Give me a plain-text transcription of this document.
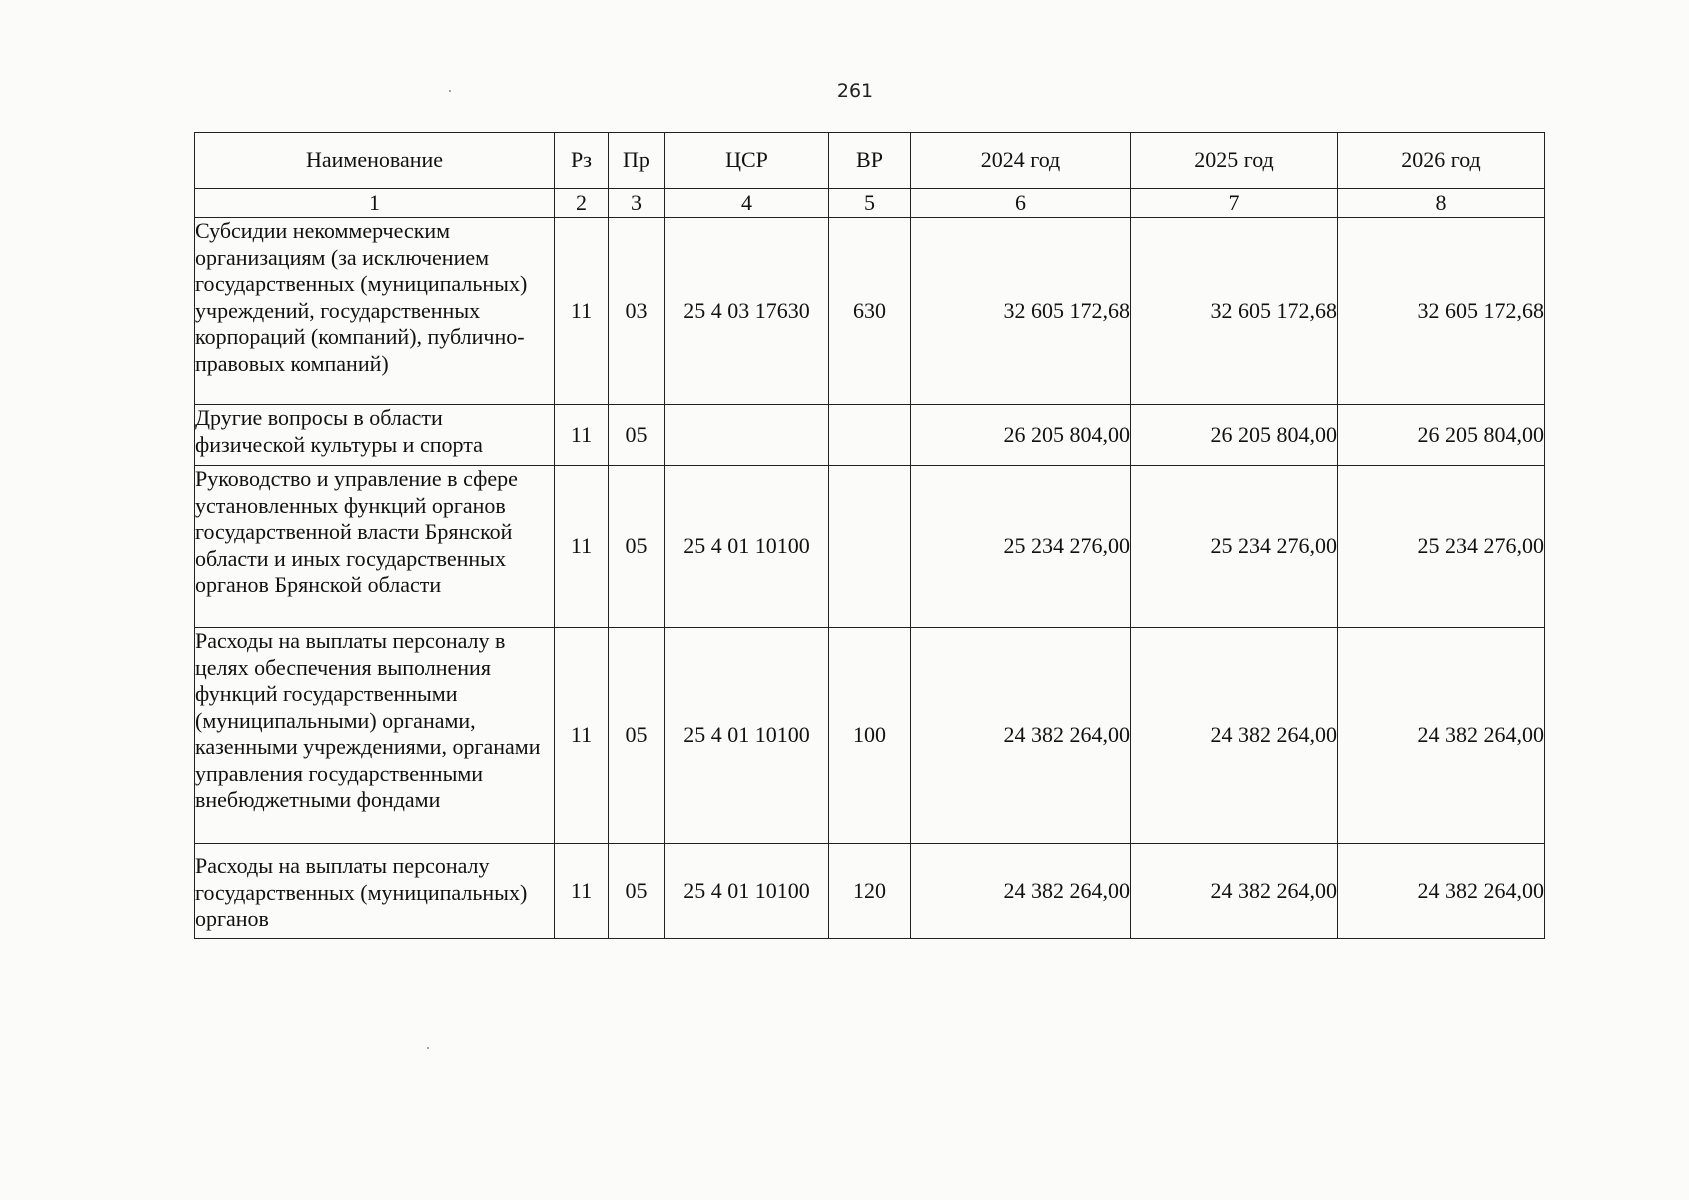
261
Наименование	Рз	Пр	ЦСР	ВР	2024 год	2025 год	2026 год
1	2	3	4	5	6	7	8
Субсидии некоммерческим организациям (за исключением государственных (муниципальных) учреждений, государственных корпораций (компаний), публично-правовых компаний)	11	03	25 4 03 17630	630	32 605 172,68	32 605 172,68	32 605 172,68
Другие вопросы в области физической культуры и спорта	11	05			26 205 804,00	26 205 804,00	26 205 804,00
Руководство и управление в сфере установленных функций органов государственной власти Брянской области и иных государственных органов Брянской области	11	05	25 4 01 10100		25 234 276,00	25 234 276,00	25 234 276,00
Расходы на выплаты персоналу в целях обеспечения выполнения функций государственными (муниципальными) органами, казенными учреждениями, органами управления государственными внебюджетными фондами	11	05	25 4 01 10100	100	24 382 264,00	24 382 264,00	24 382 264,00
Расходы на выплаты персоналу государственных (муниципальных) органов	11	05	25 4 01 10100	120	24 382 264,00	24 382 264,00	24 382 264,00
